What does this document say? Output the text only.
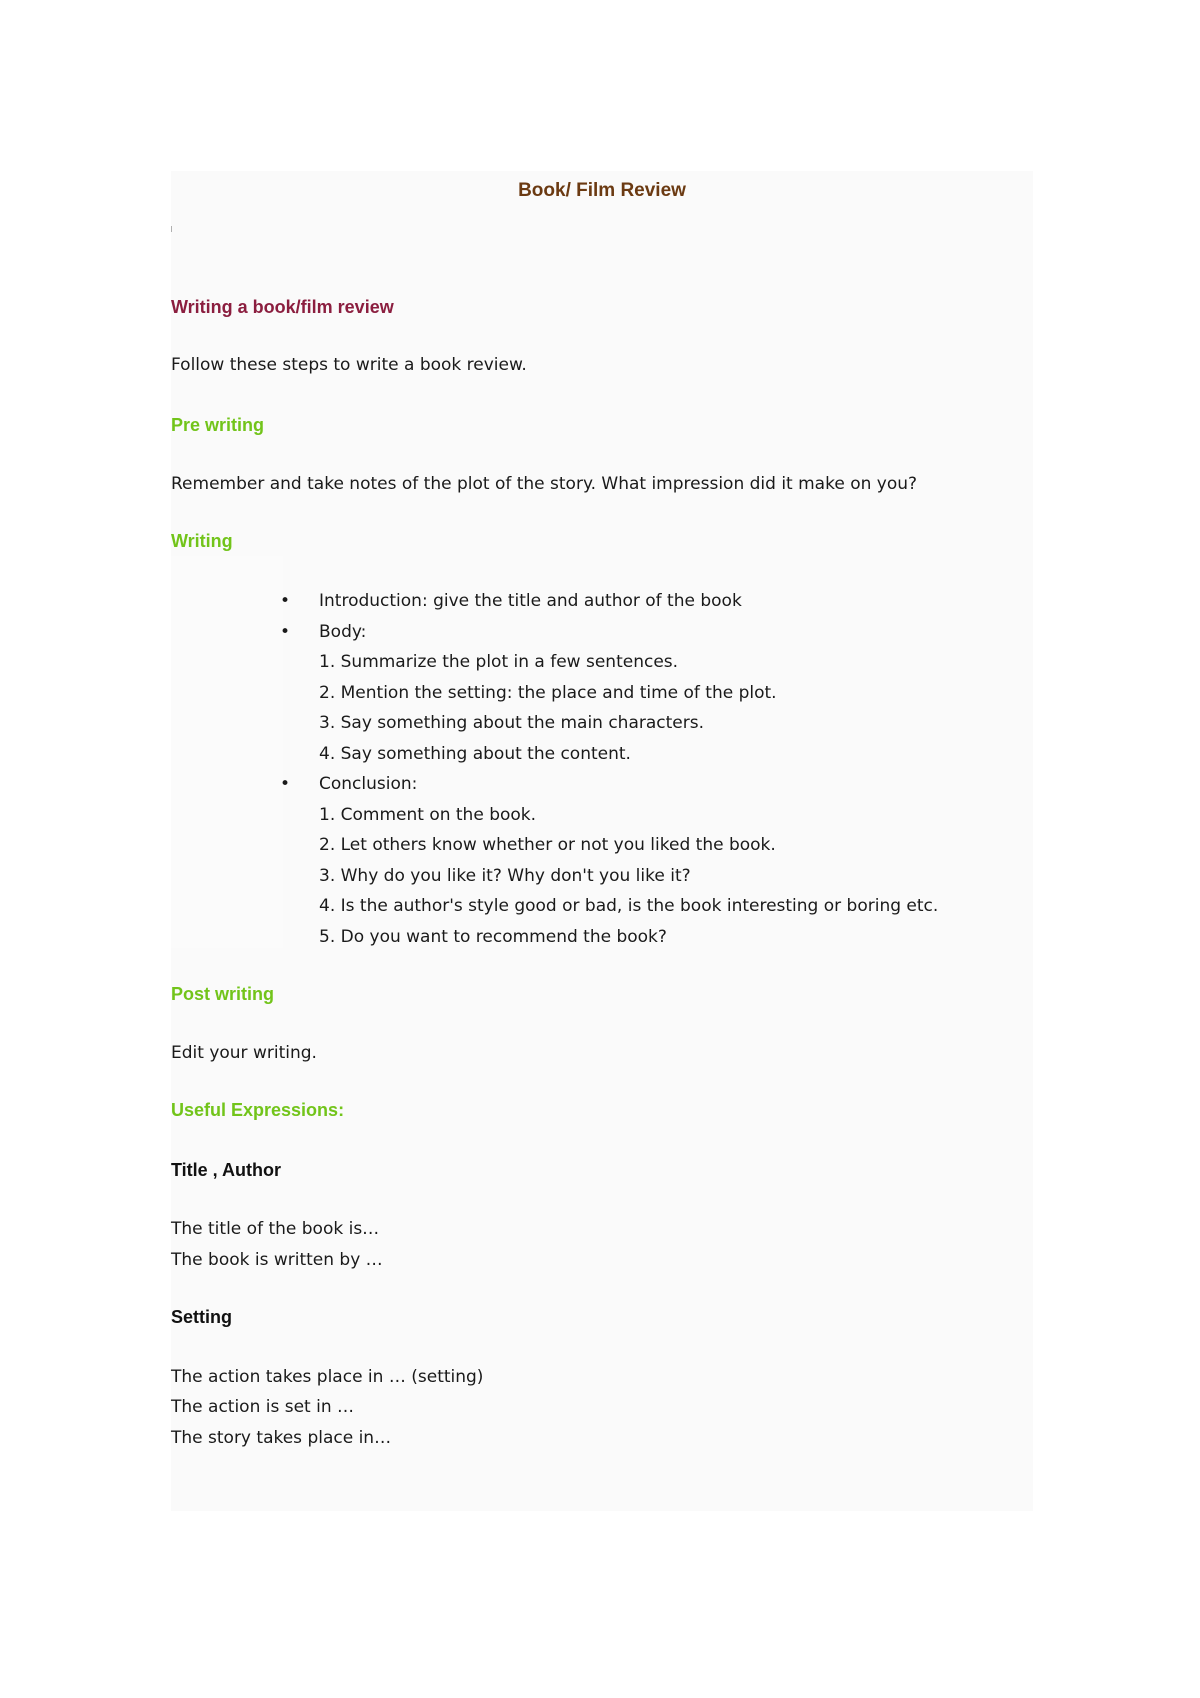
Book/ Film Review
Writing a book/film review

Follow these steps to write a book review.

Pre writing

Remember and take notes of the plot of the story. What impression did it make on you?

Writing
• Introduction: give the title and author of the book
• Body:
1. Summarize the plot in a few sentences.
2. Mention the setting: the place and time of the plot.
3. Say something about the main characters.
4. Say something about the content.
• Conclusion:
1. Comment on the book.
2. Let others know whether or not you liked the book.
3. Why do you like it? Why don't you like it?
4. Is the author's style good or bad, is the book interesting or boring etc.
5. Do you want to recommend the book?
Post writing

Edit your writing.

Useful Expressions:
Title , Author

The title of the book is…

The book is written by …

Setting

The action takes place in … (setting)

The action is set in …

The story takes place in…
